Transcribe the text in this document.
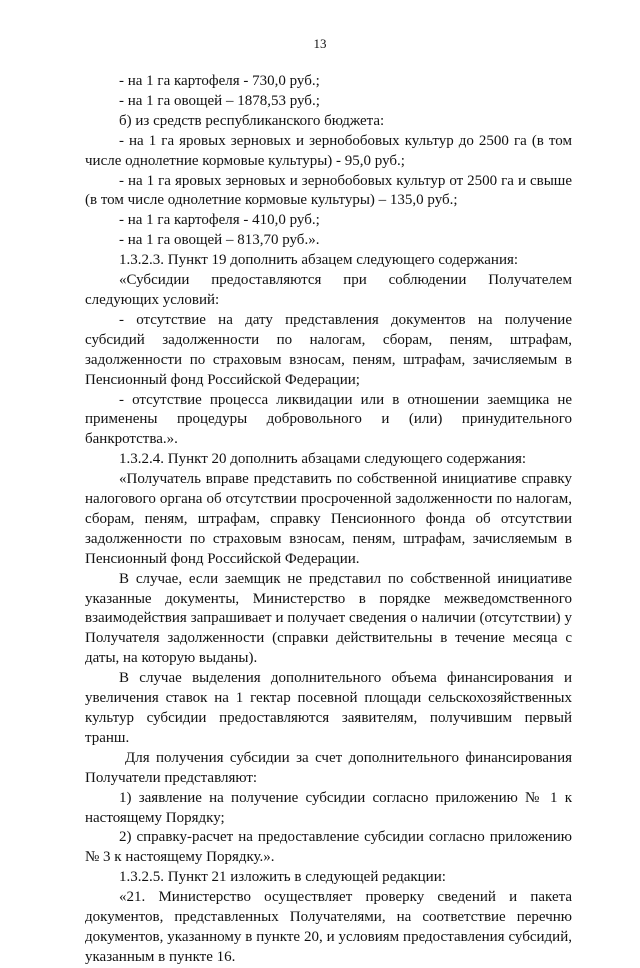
13

- на 1 га картофеля - 730,0 руб.;

- на 1 га овощей – 1878,53 руб.;

б) из средств республиканского бюджета:

- на 1 га яровых зерновых и зернобобовых культур до 2500 га (в том числе однолетние кормовые культуры) - 95,0 руб.;

- на 1 га яровых зерновых и зернобобовых культур от 2500 га и свыше (в том числе однолетние кормовые культуры) – 135,0 руб.;

- на 1 га картофеля - 410,0 руб.;

- на 1 га овощей – 813,70 руб.».

1.3.2.3. Пункт 19 дополнить абзацем следующего содержания:

«Субсидии предоставляются при соблюдении Получателем следующих условий:

- отсутствие на дату представления документов на получение субсидий задолженности по налогам, сборам, пеням, штрафам, задолженности по страховым взносам, пеням, штрафам, зачисляемым в Пенсионный фонд Российской Федерации;

- отсутствие процесса ликвидации или в отношении заемщика не применены процедуры добровольного и (или) принудительного банкротства.».

1.3.2.4. Пункт 20 дополнить абзацами следующего содержания:

«Получатель вправе представить по собственной инициативе справку налогового органа об отсутствии просроченной задолженности по налогам, сборам, пеням, штрафам, справку Пенсионного фонда об отсутствии задолженности по страховым взносам, пеням, штрафам, зачисляемым в Пенсионный фонд Российской Федерации.

В случае, если заемщик не представил по собственной инициативе указанные документы, Министерство в порядке межведомственного взаимодействия запрашивает и получает сведения о наличии (отсутствии) у Получателя задолженности (справки действительны в течение месяца с даты, на которую выданы).

В случае выделения дополнительного объема финансирования и увеличения ставок на 1 гектар посевной площади сельскохозяйственных культур субсидии предоставляются заявителям, получившим первый транш.

Для получения субсидии за счет дополнительного финансирования Получатели представляют:

1) заявление на получение субсидии согласно приложению № 1 к настоящему Порядку;

2) справку-расчет на предоставление субсидии согласно приложению № 3 к настоящему Порядку.».

1.3.2.5. Пункт 21 изложить в следующей редакции:

«21. Министерство осуществляет проверку сведений и пакета документов, представленных Получателями, на соответствие перечню документов, указанному в пункте 20, и условиям предоставления субсидий, указанным в пункте 16.
